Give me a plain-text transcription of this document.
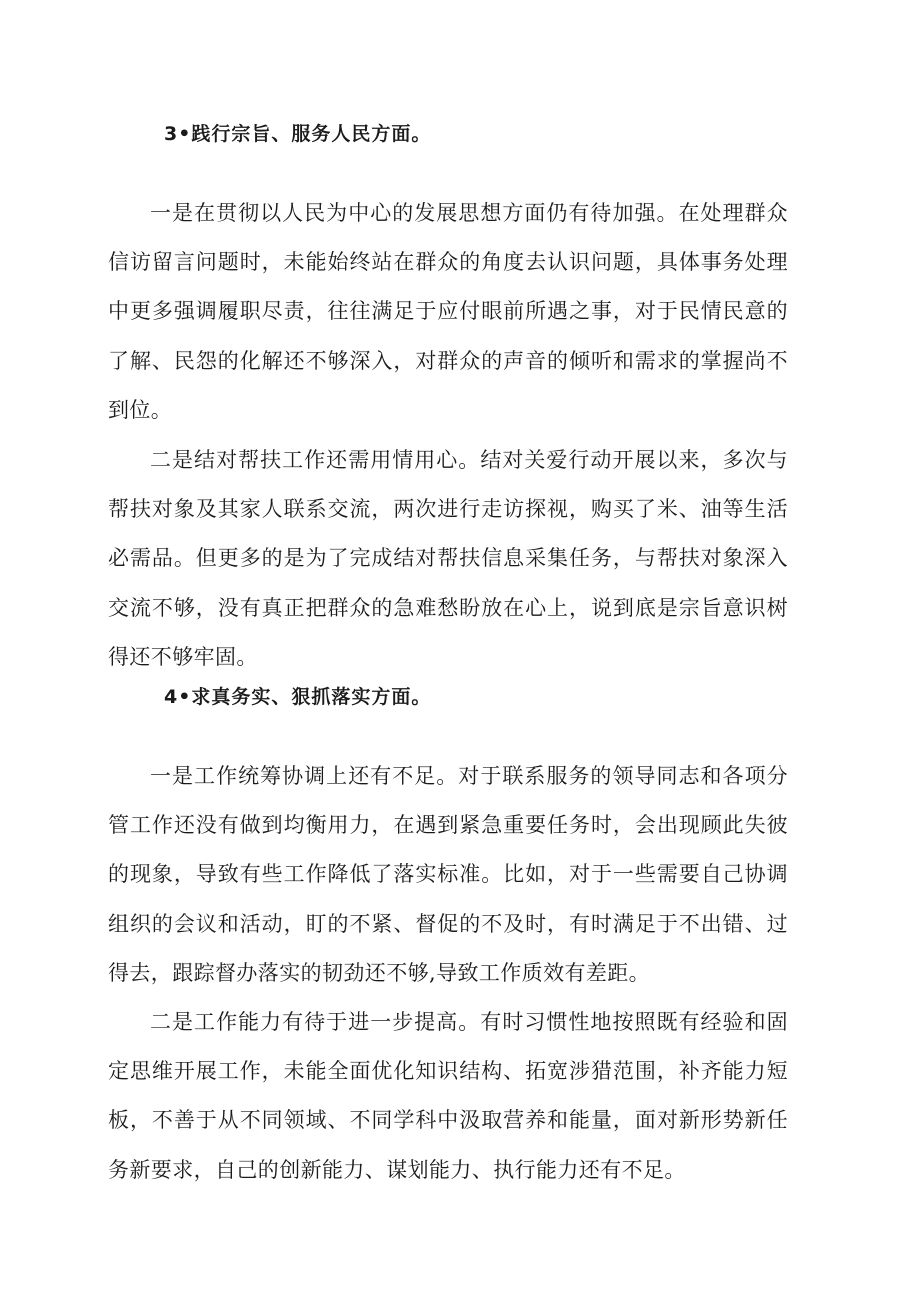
3•践行宗旨、服务人民方面。

一是在贯彻以人民为中心的发展思想方面仍有待加强。在处理群众信访留言问题时，未能始终站在群众的角度去认识问题，具体事务处理中更多强调履职尽责，往往满足于应付眼前所遇之事，对于民情民意的了解、民怨的化解还不够深入，对群众的声音的倾听和需求的掌握尚不到位。

二是结对帮扶工作还需用情用心。结对关爱行动开展以来，多次与帮扶对象及其家人联系交流，两次进行走访探视，购买了米、油等生活必需品。但更多的是为了完成结对帮扶信息采集任务，与帮扶对象深入交流不够，没有真正把群众的急难愁盼放在心上，说到底是宗旨意识树得还不够牢固。

4•求真务实、狠抓落实方面。

一是工作统筹协调上还有不足。对于联系服务的领导同志和各项分管工作还没有做到均衡用力，在遇到紧急重要任务时，会出现顾此失彼的现象，导致有些工作降低了落实标准。比如，对于一些需要自己协调组织的会议和活动，盯的不紧、督促的不及时，有时满足于不出错、过得去，跟踪督办落实的韧劲还不够,导致工作质效有差距。

二是工作能力有待于进一步提高。有时习惯性地按照既有经验和固定思维开展工作，未能全面优化知识结构、拓宽涉猎范围，补齐能力短板，不善于从不同领域、不同学科中汲取营养和能量，面对新形势新任务新要求，自己的创新能力、谋划能力、执行能力还有不足。
